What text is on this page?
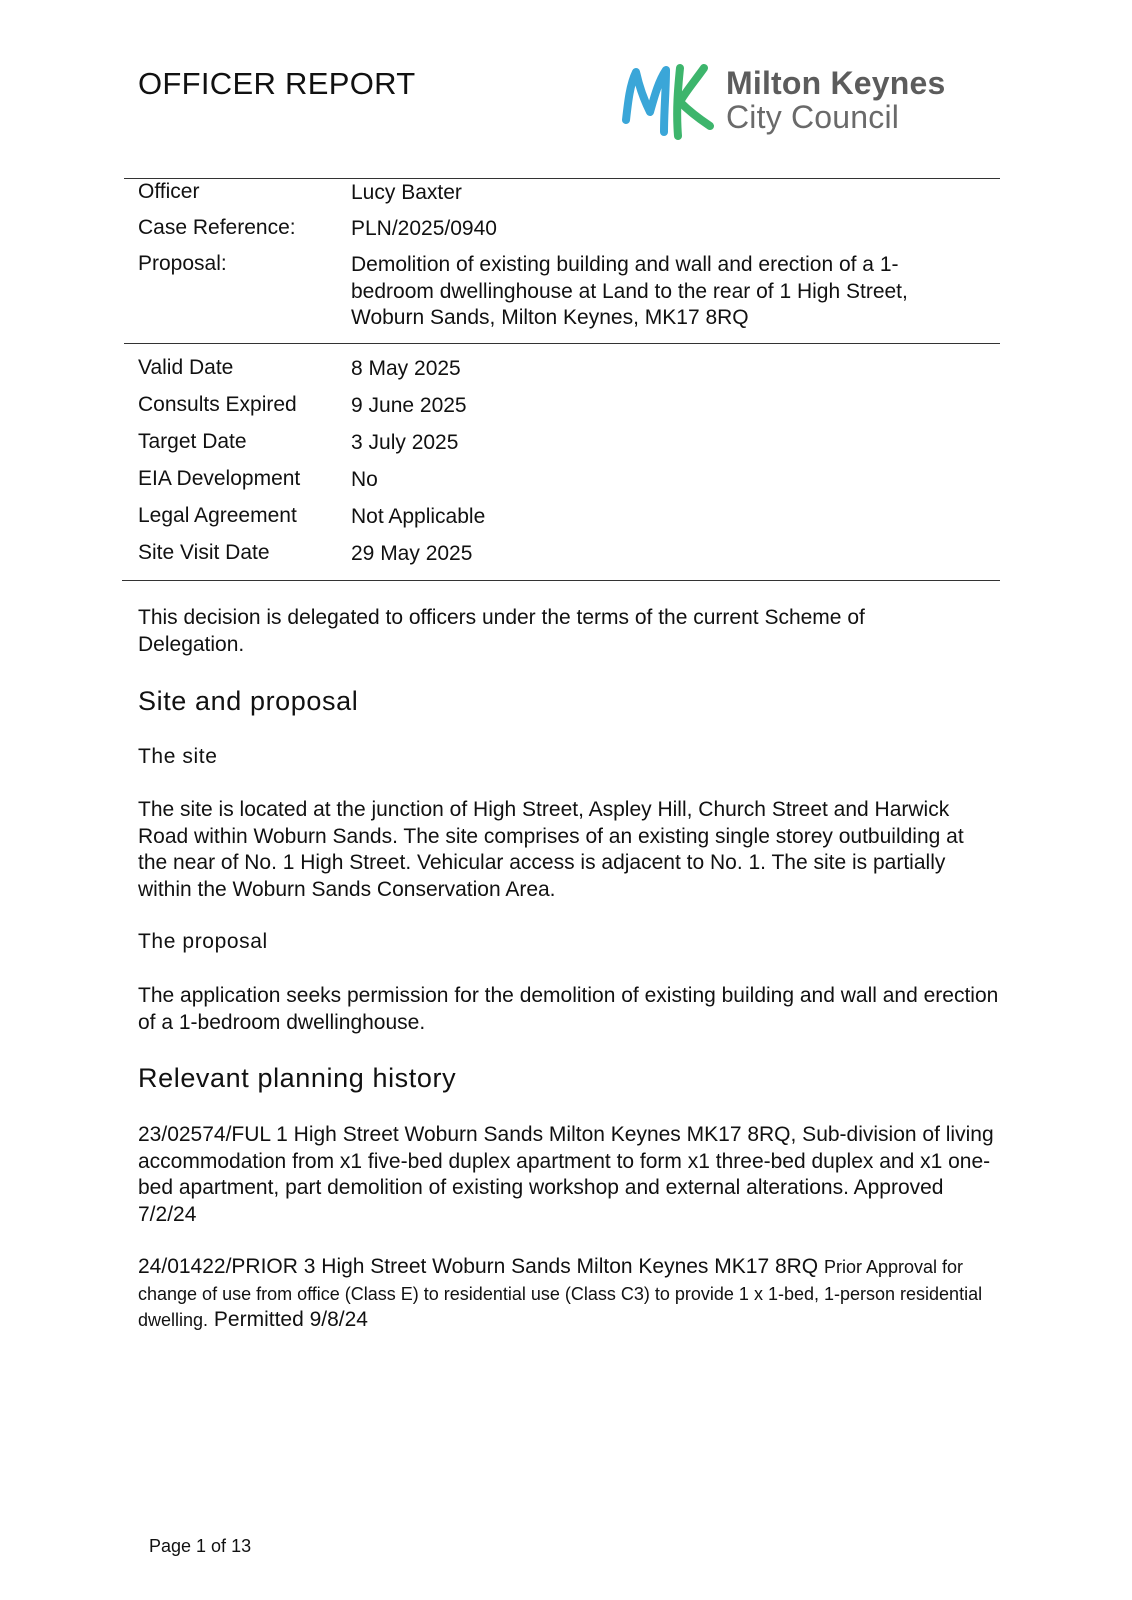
OFFICER REPORT	Milton Keynes
City Council
Officer	Lucy Baxter
Case Reference:	PLN/2025/0940
Proposal:	Demolition of existing building and wall and erection of a 1-bedroom dwellinghouse at Land to the rear of 1 High Street, Woburn Sands, Milton Keynes, MK17 8RQ
Valid Date	8 May 2025
Consults Expired	9 June 2025
Target Date	3 July 2025
EIA Development No
Legal Agreement	Not Applicable
Site Visit Date	29 May 2025

This decision is delegated to officers under the terms of the current Scheme of Delegation.

Site and proposal
The site

The site is located at the junction of High Street, Aspley Hill, Church Street and Harwick Road within Woburn Sands. The site comprises of an existing single storey outbuilding at the near of No. 1 High Street. Vehicular access is adjacent to No. 1. The site is partially within the Woburn Sands Conservation Area.

The proposal

The application seeks permission for the demolition of existing building and wall and erection of a 1-bedroom dwellinghouse.

Relevant planning history

23/02574/FUL 1 High Street Woburn Sands Milton Keynes MK17 8RQ, Sub-division of living accommodation from x1 five-bed duplex apartment to form x1 three-bed duplex and x1 one-bed apartment, part demolition of existing workshop and external alterations. Approved 7/2/24

24/01422/PRIOR 3 High Street Woburn Sands Milton Keynes MK17 8RQ Prior Approval for change of use from office (Class E) to residential use (Class C3) to provide 1 x 1-bed, 1-person residential dwelling. Permitted 9/8/24

Page 1 of 13
